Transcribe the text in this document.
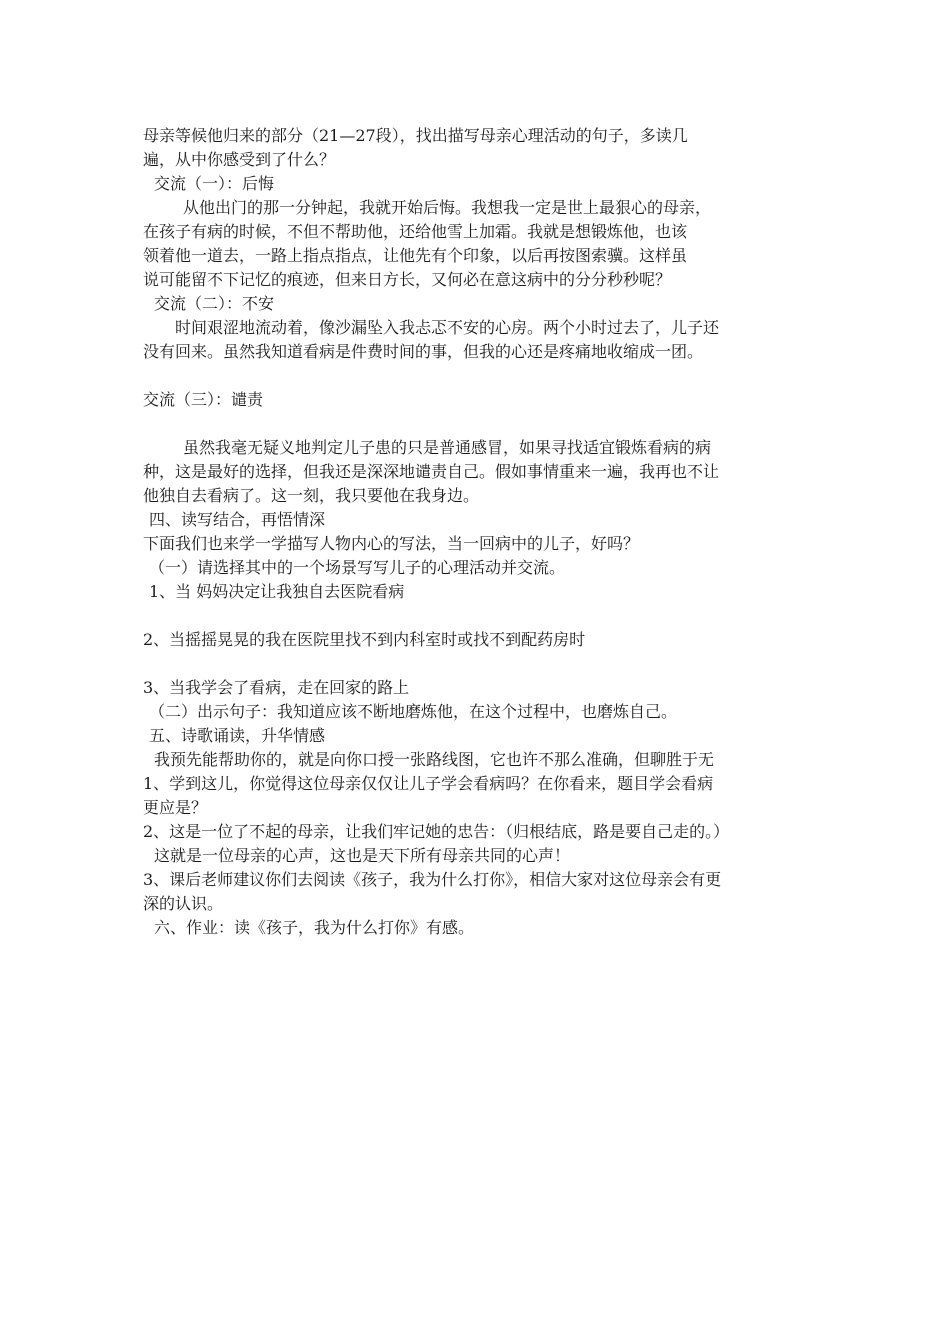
母亲等候他归来的部分（21—27段），找出描写母亲心理活动的句子，多读几
遍，从中你感受到了什么？
交流（一）：后悔
从他出门的那一分钟起，我就开始后悔。我想我一定是世上最狠心的母亲，
在孩子有病的时候，不但不帮助他，还给他雪上加霜。我就是想锻炼他，也该
领着他一道去，一路上指点指点，让他先有个印象，以后再按图索骥。这样虽
说可能留不下记忆的痕迹，但来日方长，又何必在意这病中的分分秒秒呢？
交流（二）：不安
时间艰涩地流动着，像沙漏坠入我忐忑不安的心房。两个小时过去了，儿子还
没有回来。虽然我知道看病是件费时间的事，但我的心还是疼痛地收缩成一团。
交流（三）：谴责
虽然我毫无疑义地判定儿子患的只是普通感冒，如果寻找适宜锻炼看病的病
种，这是最好的选择，但我还是深深地谴责自己。假如事情重来一遍，我再也不让
他独自去看病了。这一刻，我只要他在我身边。
四、读写结合，再悟情深
下面我们也来学一学描写人物内心的写法，当一回病中的儿子，好吗？
（一）请选择其中的一个场景写写儿子的心理活动并交流。
1、当 妈妈决定让我独自去医院看病
2、当摇摇晃晃的我在医院里找不到内科室时或找不到配药房时
3、当我学会了看病，走在回家的路上
（二）出示句子：我知道应该不断地磨炼他，在这个过程中，也磨炼自己。
五、诗歌诵读，升华情感
我预先能帮助你的，就是向你口授一张路线图，它也许不那么准确，但聊胜于无
1、学到这儿，你觉得这位母亲仅仅让儿子学会看病吗？在你看来，题目学会看病
更应是？
2、这是一位了不起的母亲，让我们牢记她的忠告：（归根结底，路是要自己走的。）
这就是一位母亲的心声，这也是天下所有母亲共同的心声！
3、课后老师建议你们去阅读《孩子，我为什么打你》，相信大家对这位母亲会有更
深的认识。
六、作业：读《孩子，我为什么打你》有感。
